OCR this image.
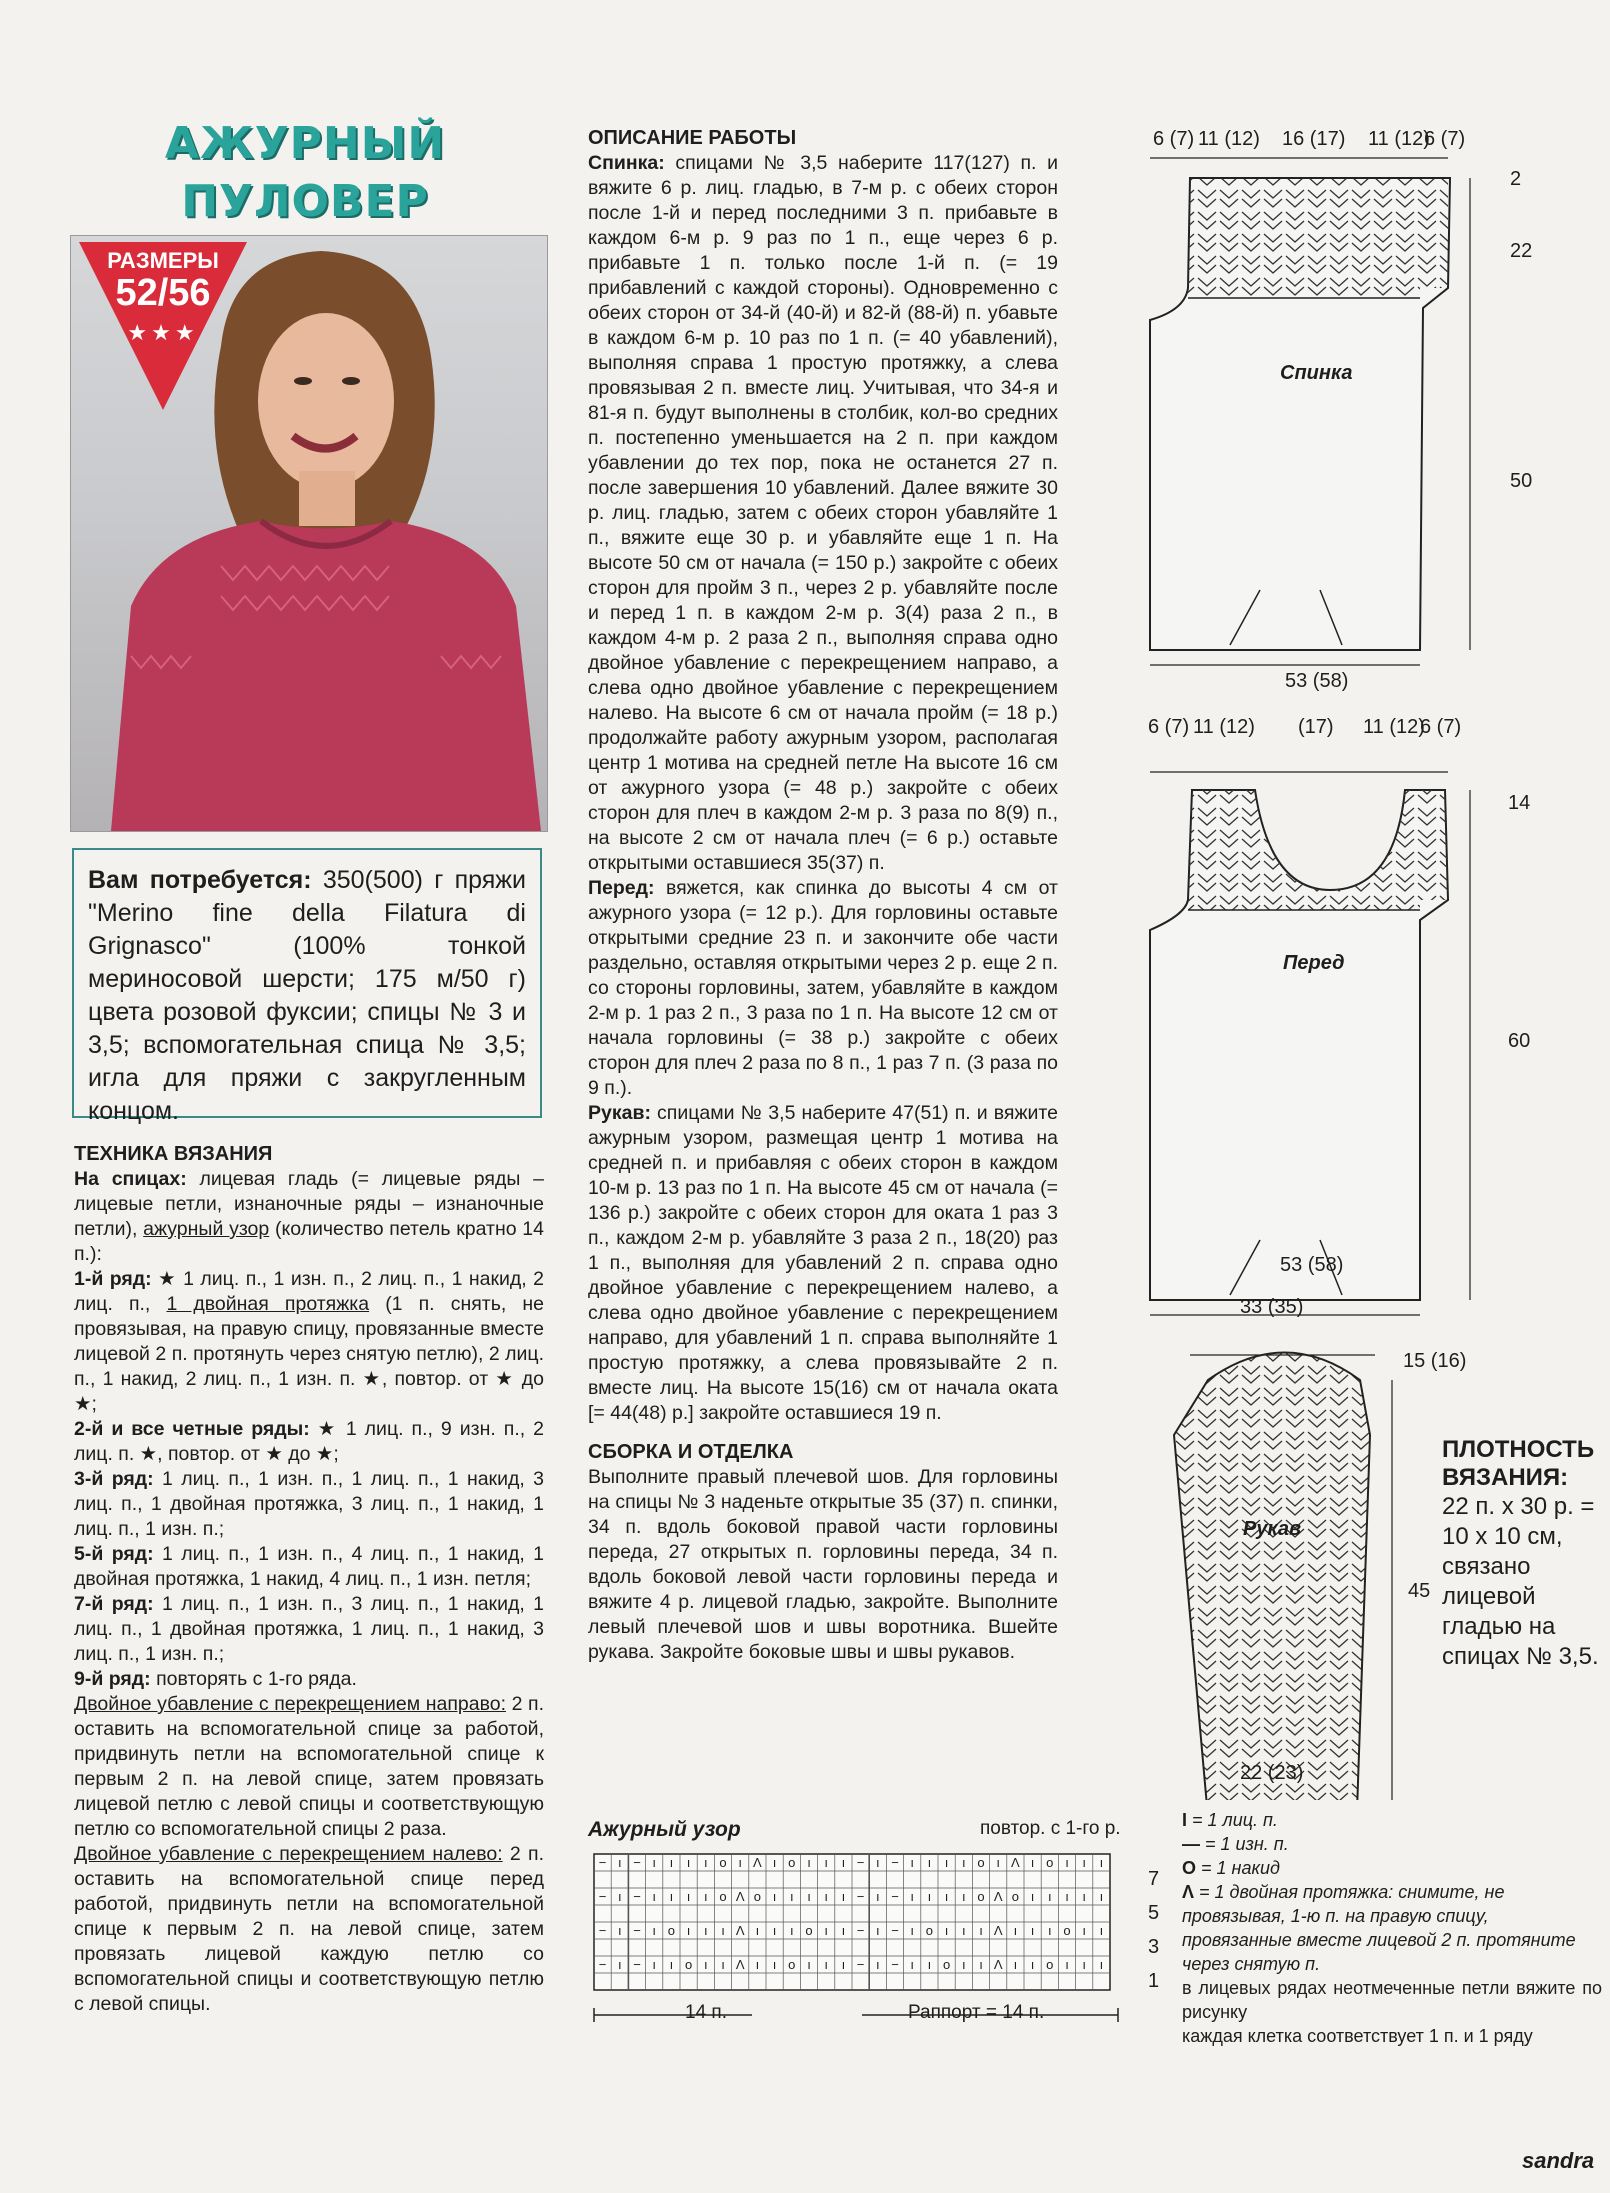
АЖУРНЫЙ
ПУЛОВЕР
РАЗМЕРЫ
52/56
★★★
Вам потребуется: 350(500) г пряжи "Merino fine della Filatura di Grignasco" (100% тонкой мериносовой шерсти; 175 м/50 г) цвета розовой фуксии; спицы № 3 и 3,5; вспомогательная спица № 3,5; игла для пряжи с закругленным концом.
ТЕХНИКА ВЯЗАНИЯ
На спицах: лицевая гладь (= лицевые ряды – лицевые петли, изнаночные ряды – изнаночные петли), ажурный узор (количество петель кратно 14 п.):
1-й ряд: ★ 1 лиц. п., 1 изн. п., 2 лиц. п., 1 накид, 2 лиц. п., 1 двойная протяжка (1 п. снять, не провязывая, на правую спицу, провязанные вместе лицевой 2 п. протянуть через снятую петлю), 2 лиц. п., 1 накид, 2 лиц. п., 1 изн. п. ★, повтор. от ★ до ★;
2-й и все четные ряды: ★ 1 лиц. п., 9 изн. п., 2 лиц. п. ★, повтор. от ★ до ★;
3-й ряд: 1 лиц. п., 1 изн. п., 1 лиц. п., 1 накид, 3 лиц. п., 1 двойная протяжка, 3 лиц. п., 1 накид, 1 лиц. п., 1 изн. п.;
5-й ряд: 1 лиц. п., 1 изн. п., 4 лиц. п., 1 накид, 1 двойная протяжка, 1 накид, 4 лиц. п., 1 изн. петля;
7-й ряд: 1 лиц. п., 1 изн. п., 3 лиц. п., 1 накид, 1 лиц. п., 1 двойная протяжка, 1 лиц. п., 1 накид, 3 лиц. п., 1 изн. п.;
9-й ряд: повторять с 1-го ряда.
Двойное убавление с перекрещением направо: 2 п. оставить на вспомогательной спице за работой, придвинуть петли на вспомогательной спице к первым 2 п. на левой спице, затем провязать лицевой петлю с левой спицы и соответствующую петлю со вспомогательной спицы 2 раза.
Двойное убавление с перекрещением налево: 2 п. оставить на вспомогательной спице перед работой, придвинуть петли на вспомогательной спице к первым 2 п. на левой спице, затем провязать лицевой каждую петлю со вспомогательной спицы и соответствующую петлю с левой спицы.
ОПИСАНИЕ РАБОТЫ
Спинка: спицами № 3,5 наберите 117(127) п. и вяжите 6 р. лиц. гладью, в 7-м р. с обеих сторон после 1-й и перед последними 3 п. прибавьте в каждом 6-м р. 9 раз по 1 п., еще через 6 р. прибавьте 1 п. только после 1-й п. (= 19 прибавлений с каждой стороны). Одновременно с обеих сторон от 34-й (40-й) и 82-й (88-й) п. убавьте в каждом 6-м р. 10 раз по 1 п. (= 40 убавлений), выполняя справа 1 простую протяжку, а слева провязывая 2 п. вместе лиц. Учитывая, что 34-я и 81-я п. будут выполнены в столбик, кол-во средних п. постепенно уменьшается на 2 п. при каждом убавлении до тех пор, пока не останется 27 п. после завершения 10 убавлений. Далее вяжите 30 р. лиц. гладью, затем с обеих сторон убавляйте 1 п., вяжите еще 30 р. и убавляйте еще 1 п. На высоте 50 см от начала (= 150 р.) закройте с обеих сторон для пройм 3 п., через 2 р. убавляйте после и перед 1 п. в каждом 2-м р. 3(4) раза 2 п., в каждом 4-м р. 2 раза 2 п., выполняя справа одно двойное убавление с перекрещением направо, а слева одно двойное убавление с перекрещением налево. На высоте 6 см от начала пройм (= 18 р.) продолжайте работу ажурным узором, располагая центр 1 мотива на средней петле На высоте 16 см от ажурного узора (= 48 р.) закройте с обеих сторон для плеч в каждом 2-м р. 3 раза по 8(9) п., на высоте 2 см от начала плеч (= 6 р.) оставьте открытыми оставшиеся 35(37) п.
Перед: вяжется, как спинка до высоты 4 см от ажурного узора (= 12 р.). Для горловины оставьте открытыми средние 23 п. и закончите обе части раздельно, оставляя открытыми через 2 р. еще 2 п. со стороны горловины, затем, убавляйте в каждом 2-м р. 1 раз 2 п., 3 раза по 1 п. На высоте 12 см от начала горловины (= 38 р.) закройте с обеих сторон для плеч 2 раза по 8 п., 1 раз 7 п. (3 раза по 9 п.).
Рукав: спицами № 3,5 наберите 47(51) п. и вяжите ажурным узором, размещая центр 1 мотива на средней п. и прибавляя с обеих сторон в каждом 10-м р. 13 раз по 1 п. На высоте 45 см от начала (= 136 р.) закройте с обеих сторон для оката 1 раз 3 п., каждом 2-м р. убавляйте 3 раза 2 п., 18(20) раз 1 п., выполняя для убавлений 2 п. справа одно двойное убавление с перекрещением налево, а слева одно двойное убавление с перекрещением направо, для убавлений 1 п. справа выполняйте 1 простую протяжку, а слева провязывайте 2 п. вместе лиц. На высоте 15(16) см от начала оката [= 44(48) р.] закройте оставшиеся 19 п.
СБОРКА И ОТДЕЛКА
Выполните правый плечевой шов. Для горловины на спицы № 3 наденьте открытые 35 (37) п. спинки, 34 п. вдоль боковой правой части горловины переда, 27 открытых п. горловины переда, 34 п. вдоль боковой левой части горловины переда и вяжите 4 р. лицевой гладью, закройте. Выполните левый плечевой шов и швы воротника. Вшейте рукава. Закройте боковые швы и швы рукавов.
Ажурный узор	повтор. с 1-го р.
− ı − ı ı ı ı o ı Λ ı o ı ı ı − ı − ı ı ı ı o ı Λ ı o ı ı ı
− ı − ı ı ı ı o Λ o ı ı ı ı ı − ı − ı ı ı ı o Λ o ı ı ı ı ı
− ı − ı o ı ı ı Λ ı ı ı o ı ı − ı − ı o ı ı ı Λ ı ı ı o ı ı
− ı − ı ı o ı ı Λ ı ı o ı ı ı − ı − ı ı o ı ı Λ ı ı o ı ı ı
14 п.	Раппорт = 14 п.
7
5
3
1
Спинка
6 (7) 11 (12) 16 (17) 11 (12)
6 (7)
2
22
50
53 (58)
Перед
6 (7) 11 (12) (17) 11 (12)
6 (7)
14
60
53 (58)
Рукав
33 (35)
15 (16)
45
22 (23)
ПЛОТНОСТЬ ВЯЗАНИЯ:
22 п. х 30 р. = 10 х 10 см, связано лицевой гладью на спицах № 3,5.
I = 1 лиц. п.
— = 1 изн. п.
O = 1 накид
Λ = 1 двойная протяжка: снимите, не провязывая, 1-ю п. на правую спицу, провязанные вместе лицевой 2 п. протяните через снятую п.
в лицевых рядах неотмеченные петли вяжите по рисунку
каждая клетка соответствует 1 п. и 1 ряду
sandra
